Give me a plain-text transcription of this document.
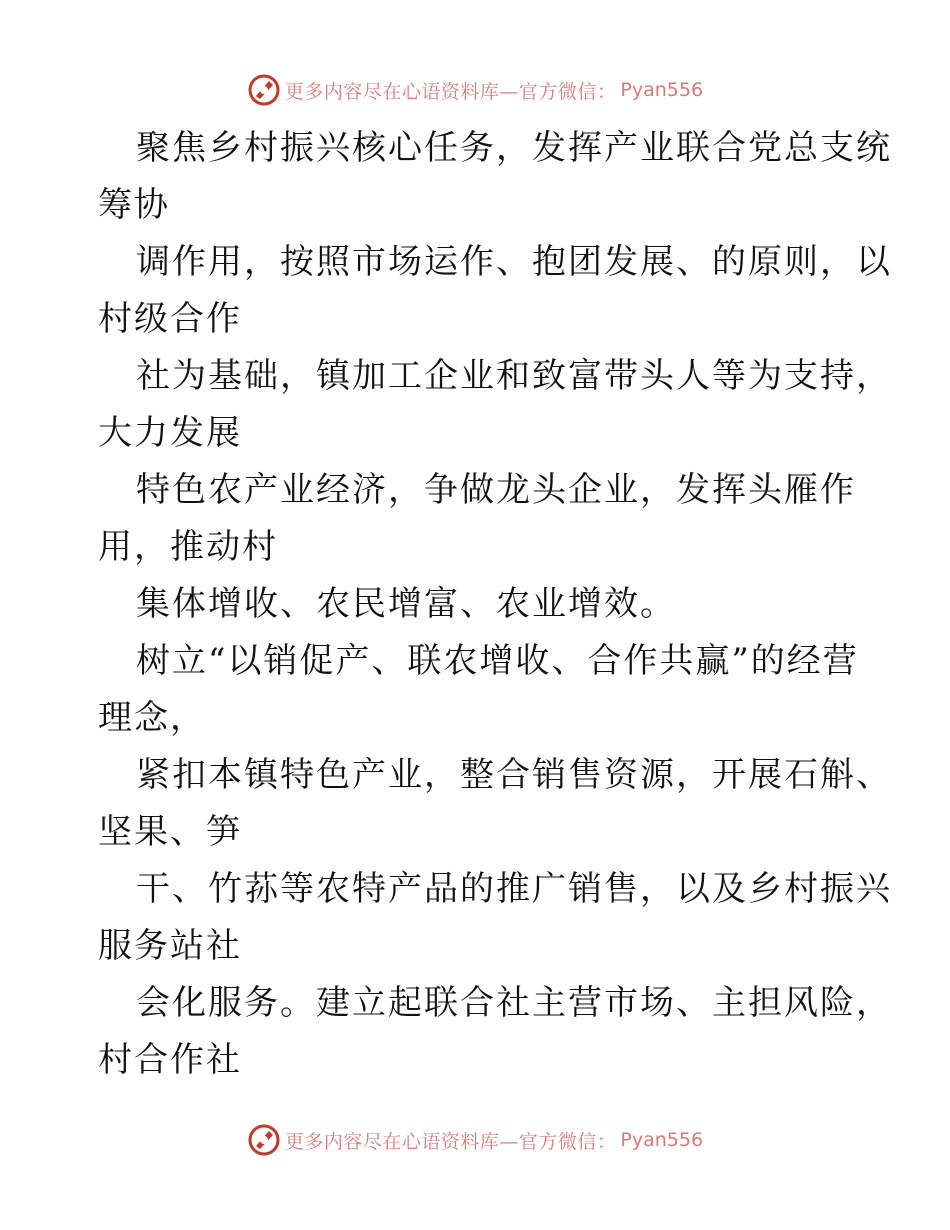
更多内容尽在心语资料库—官方微信： Pyan556
聚焦乡村振兴核心任务，发挥产业联合党总支统
筹协
调作用，按照市场运作、抱团发展、的原则，以
村级合作
社为基础，镇加工企业和致富带头人等为支持，
大力发展
特色农产业经济，争做龙头企业，发挥头雁作
用，推动村
集体增收、农民增富、农业增效。
树立“以销促产、联农增收、合作共赢”的经营
理念，
紧扣本镇特色产业，整合销售资源，开展石斛、
坚果、笋
干、竹荪等农特产品的推广销售，以及乡村振兴
服务站社
会化服务。建立起联合社主营市场、主担风险，
村合作社
更多内容尽在心语资料库—官方微信： Pyan556
